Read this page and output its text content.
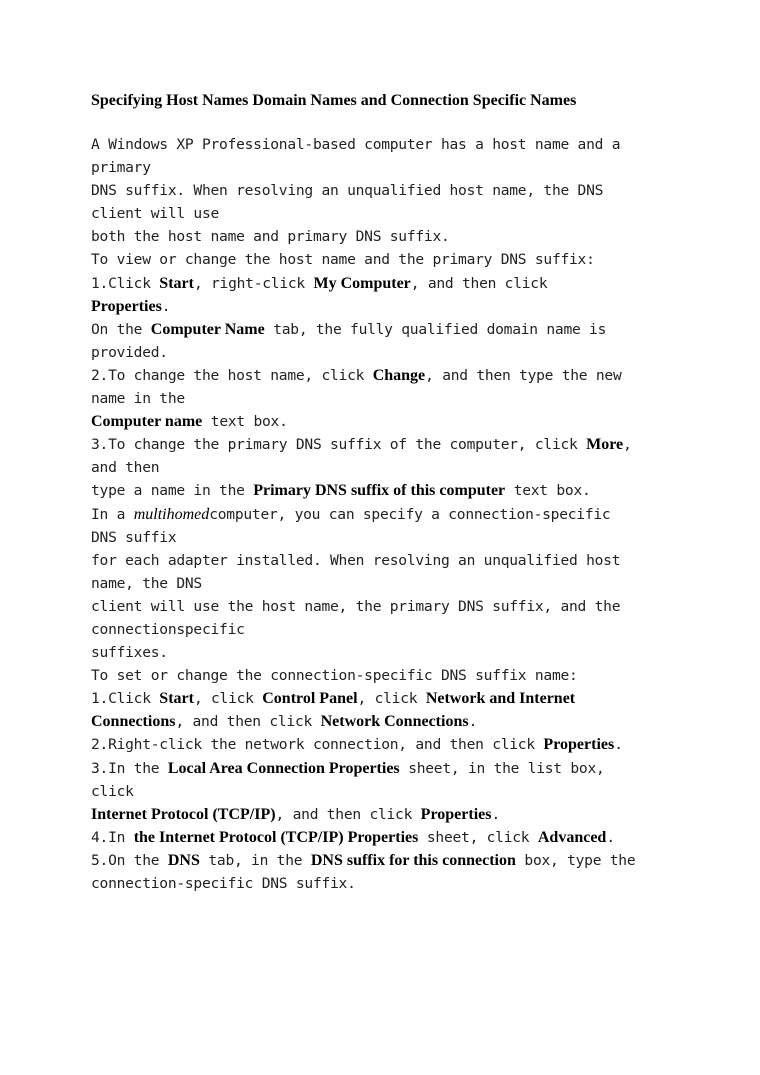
Specifying Host Names Domain Names and Connection Specific Names
A Windows XP Professional-based computer has a host name and a
primary
DNS suffix. When resolving an unqualified host name, the DNS
client will use
both the host name and primary DNS suffix.
To view or change the host name and the primary DNS suffix:
1.Click Start, right-click My Computer, and then click
Properties.
On the Computer Name tab, the fully qualified domain name is
provided.
2.To change the host name, click Change, and then type the new
name in the
Computer name text box.
3.To change the primary DNS suffix of the computer, click More,
and then
type a name in the Primary DNS suffix of this computer text box.
In a multihomedcomputer, you can specify a connection-specific
DNS suffix
for each adapter installed. When resolving an unqualified host
name, the DNS
client will use the host name, the primary DNS suffix, and the
connectionspecific
suffixes.
To set or change the connection-specific DNS suffix name:
1.Click Start, click Control Panel, click Network and Internet
Connections, and then click Network Connections.
2.Right-click the network connection, and then click Properties.
3.In the Local Area Connection Properties sheet, in the list box,
click
Internet Protocol (TCP/IP), and then click Properties.
4.In the Internet Protocol (TCP/IP) Properties sheet, click Advanced.
5.On the DNS tab, in the DNS suffix for this connection box, type the
connection-specific DNS suffix.
